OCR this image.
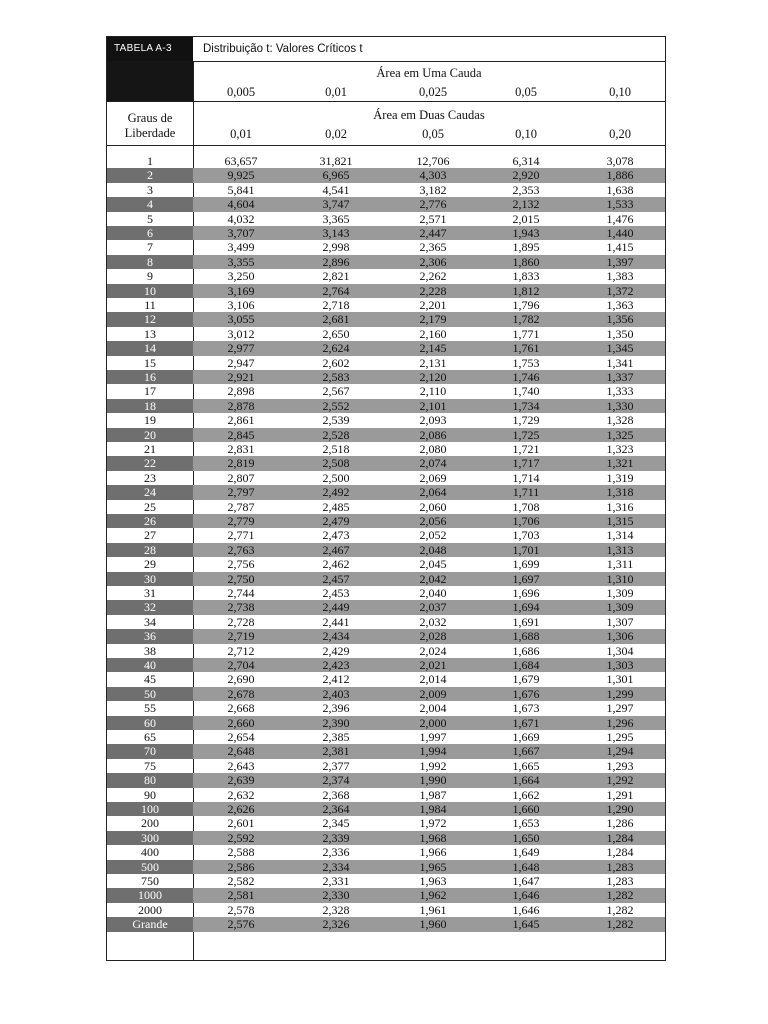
TABELA A-3	Distribuição t: Valores Críticos t
Área em Uma Cauda
0,005	0,01	0,025	0,05	0,10
Graus de
Liberdade
Área em Duas Caudas
0,01	0,02	0,05	0,10	0,20
1	63,657	31,821	12,706	6,314	3,078
2	9,925	6,965	4,303	2,920	1,886
3	5,841	4,541	3,182	2,353	1,638
4	4,604	3,747	2,776	2,132	1,533
5	4,032	3,365	2,571	2,015	1,476
6	3,707	3,143	2,447	1,943	1,440
7	3,499	2,998	2,365	1,895	1,415
8	3,355	2,896	2,306	1,860	1,397
9	3,250	2,821	2,262	1,833	1,383
10	3,169	2,764	2,228	1,812	1,372
11	3,106	2,718	2,201	1,796	1,363
12	3,055	2,681	2,179	1,782	1,356
13	3,012	2,650	2,160	1,771	1,350
14	2,977	2,624	2,145	1,761	1,345
15	2,947	2,602	2,131	1,753	1,341
16	2,921	2,583	2,120	1,746	1,337
17	2,898	2,567	2,110	1,740	1,333
18	2,878	2,552	2,101	1,734	1,330
19	2,861	2,539	2,093	1,729	1,328
20	2,845	2,528	2,086	1,725	1,325
21	2,831	2,518	2,080	1,721	1,323
22	2,819	2,508	2,074	1,717	1,321
23	2,807	2,500	2,069	1,714	1,319
24	2,797	2,492	2,064	1,711	1,318
25	2,787	2,485	2,060	1,708	1,316
26	2,779	2,479	2,056	1,706	1,315
27	2,771	2,473	2,052	1,703	1,314
28	2,763	2,467	2,048	1,701	1,313
29	2,756	2,462	2,045	1,699	1,311
30	2,750	2,457	2,042	1,697	1,310
31	2,744	2,453	2,040	1,696	1,309
32	2,738	2,449	2,037	1,694	1,309
34	2,728	2,441	2,032	1,691	1,307
36	2,719	2,434	2,028	1,688	1,306
38	2,712	2,429	2,024	1,686	1,304
40	2,704	2,423	2,021	1,684	1,303
45	2,690	2,412	2,014	1,679	1,301
50	2,678	2,403	2,009	1,676	1,299
55	2,668	2,396	2,004	1,673	1,297
60	2,660	2,390	2,000	1,671	1,296
65	2,654	2,385	1,997	1,669	1,295
70	2,648	2,381	1,994	1,667	1,294
75	2,643	2,377	1,992	1,665	1,293
80	2,639	2,374	1,990	1,664	1,292
90	2,632	2,368	1,987	1,662	1,291
100	2,626	2,364	1,984	1,660	1,290
200	2,601	2,345	1,972	1,653	1,286
300	2,592	2,339	1,968	1,650	1,284
400	2,588	2,336	1,966	1,649	1,284
500	2,586	2,334	1,965	1,648	1,283
750	2,582	2,331	1,963	1,647	1,283
1000	2,581	2,330	1,962	1,646	1,282
2000	2,578	2,328	1,961	1,646	1,282
Grande	2,576	2,326	1,960	1,645	1,282
